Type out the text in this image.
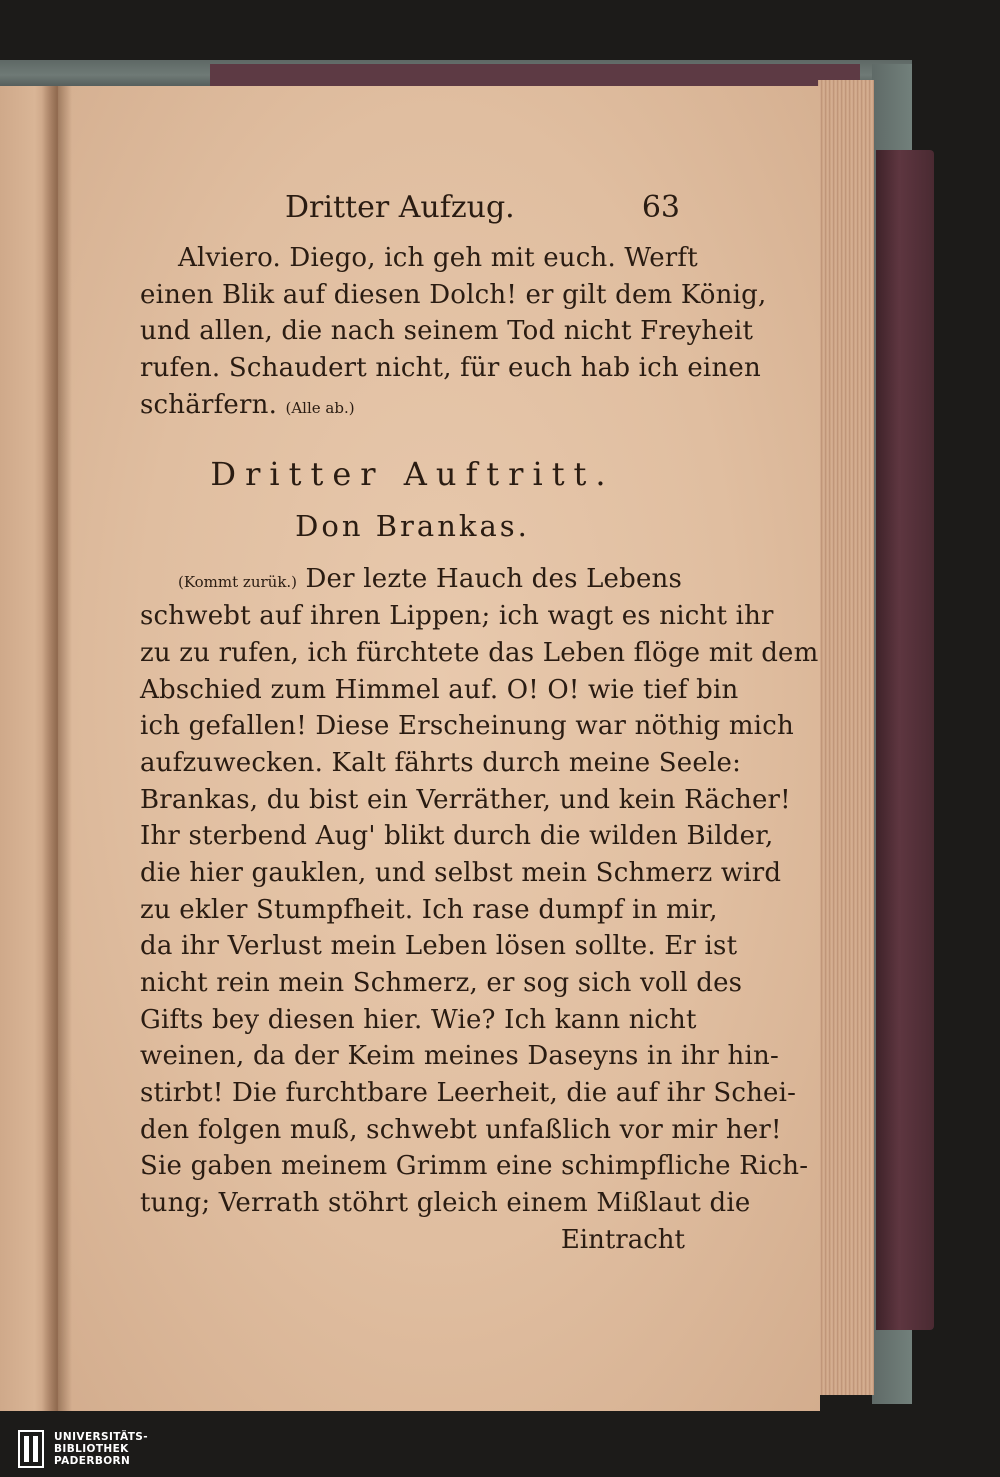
Dritter Aufzug.	63
Alviero. Diego, ich geh mit euch. Werft
einen Blik auf diesen Dolch! er gilt dem König,
und allen, die nach seinem Tod nicht Freyheit
rufen. Schaudert nicht, für euch hab ich einen
schärfern. (Alle ab.)
Dritter Auftritt.
Don Brankas.
(Kommt zurük.) Der lezte Hauch des Lebens
schwebt auf ihren Lippen; ich wagt es nicht ihr
zu zu rufen, ich fürchtete das Leben flöge mit dem
Abschied zum Himmel auf. O! O! wie tief bin
ich gefallen! Diese Erscheinung war nöthig mich
aufzuwecken. Kalt fährts durch meine Seele:
Brankas, du bist ein Verräther, und kein Rächer!
Ihr sterbend Aug' blikt durch die wilden Bilder,
die hier gauklen, und selbst mein Schmerz wird
zu ekler Stumpfheit. Ich rase dumpf in mir,
da ihr Verlust mein Leben lösen sollte. Er ist
nicht rein mein Schmerz, er sog sich voll des
Gifts bey diesen hier. Wie? Ich kann nicht
weinen, da der Keim meines Daseyns in ihr hin-
stirbt! Die furchtbare Leerheit, die auf ihr Schei-
den folgen muß, schwebt unfaßlich vor mir her!
Sie gaben meinem Grimm eine schimpfliche Rich-
tung; Verrath stöhrt gleich einem Mißlaut die
Eintracht
UNIVERSITÄTS-
BIBLIOTHEK
PADERBORN
